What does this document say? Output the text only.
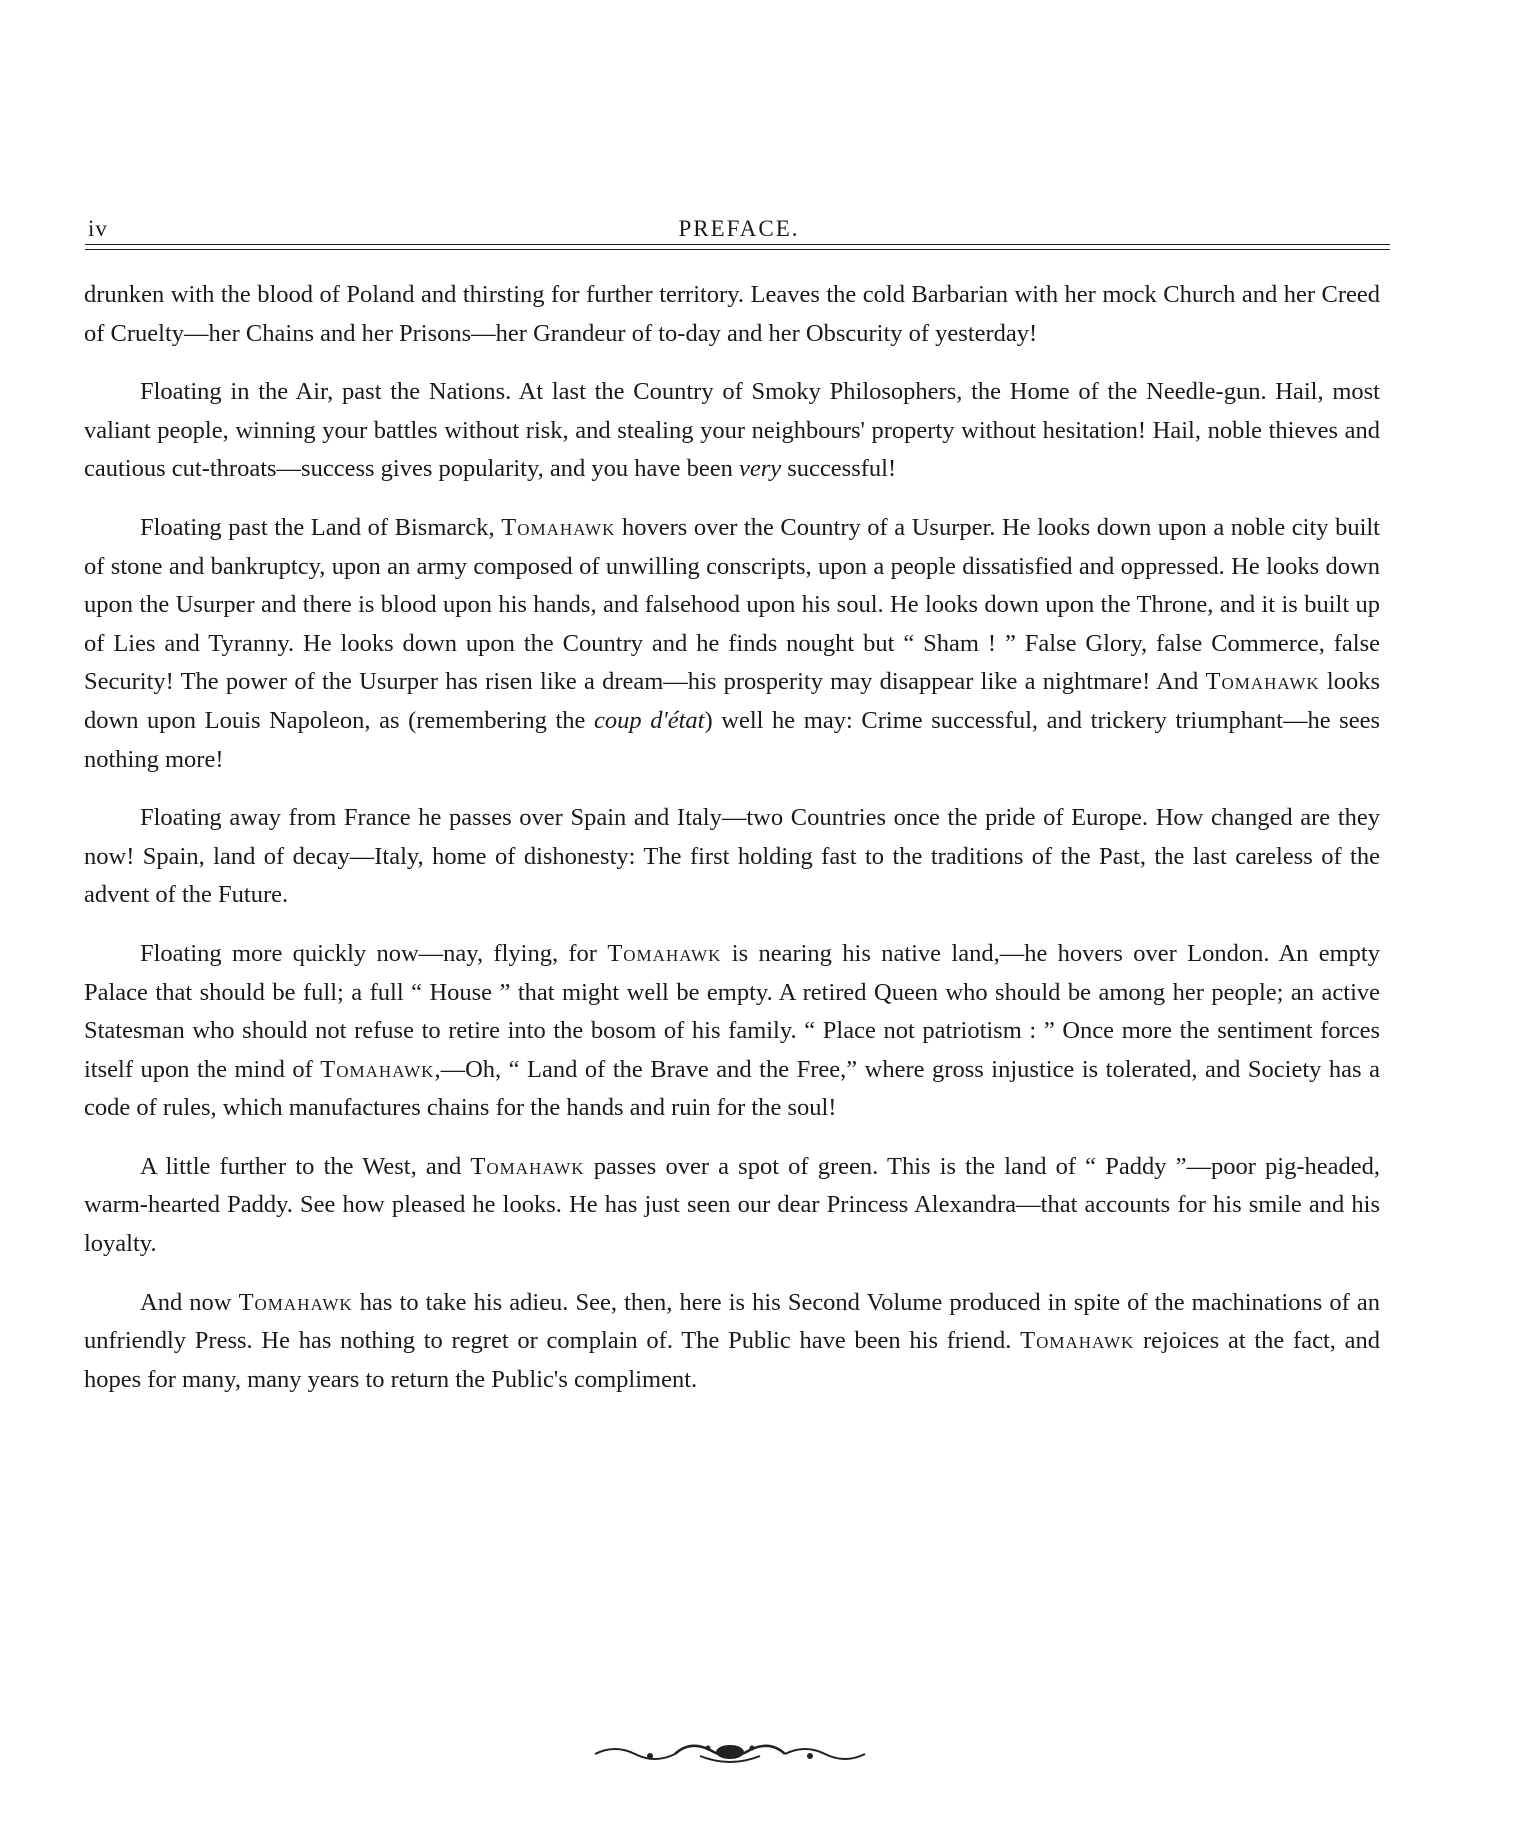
iv	PREFACE.

drunken with the blood of Poland and thirsting for further territory. Leaves the cold Barbarian with her mock Church and her Creed of Cruelty—her Chains and her Prisons—her Grandeur of to-day and her Obscurity of yesterday!

Floating in the Air, past the Nations. At last the Country of Smoky Philosophers, the Home of the Needle-gun. Hail, most valiant people, winning your battles without risk, and stealing your neighbours' property without hesitation! Hail, noble thieves and cautious cut-throats—success gives popularity, and you have been very successful!

Floating past the Land of Bismarck, Tomahawk hovers over the Country of a Usurper. He looks down upon a noble city built of stone and bankruptcy, upon an army composed of unwilling conscripts, upon a people dissatisfied and oppressed. He looks down upon the Usurper and there is blood upon his hands, and falsehood upon his soul. He looks down upon the Throne, and it is built up of Lies and Tyranny. He looks down upon the Country and he finds nought but “ Sham ! ” False Glory, false Commerce, false Security! The power of the Usurper has risen like a dream—his prosperity may disappear like a nightmare! And Tomahawk looks down upon Louis Napoleon, as (remembering the coup d'état) well he may: Crime successful, and trickery triumphant—he sees nothing more!

Floating away from France he passes over Spain and Italy—two Countries once the pride of Europe. How changed are they now! Spain, land of decay—Italy, home of dishonesty: The first holding fast to the traditions of the Past, the last careless of the advent of the Future.

Floating more quickly now—nay, flying, for Tomahawk is nearing his native land,—he hovers over London. An empty Palace that should be full; a full “ House ” that might well be empty. A retired Queen who should be among her people; an active Statesman who should not refuse to retire into the bosom of his family. “ Place not patriotism : ” Once more the sentiment forces itself upon the mind of Tomahawk,—Oh, “ Land of the Brave and the Free,” where gross injustice is tolerated, and Society has a code of rules, which manufactures chains for the hands and ruin for the soul!

A little further to the West, and Tomahawk passes over a spot of green. This is the land of “ Paddy ”—poor pig-headed, warm-hearted Paddy. See how pleased he looks. He has just seen our dear Princess Alexandra—that accounts for his smile and his loyalty.

And now Tomahawk has to take his adieu. See, then, here is his Second Volume produced in spite of the machinations of an unfriendly Press. He has nothing to regret or complain of. The Public have been his friend. Tomahawk rejoices at the fact, and hopes for many, many years to return the Public's compliment.
